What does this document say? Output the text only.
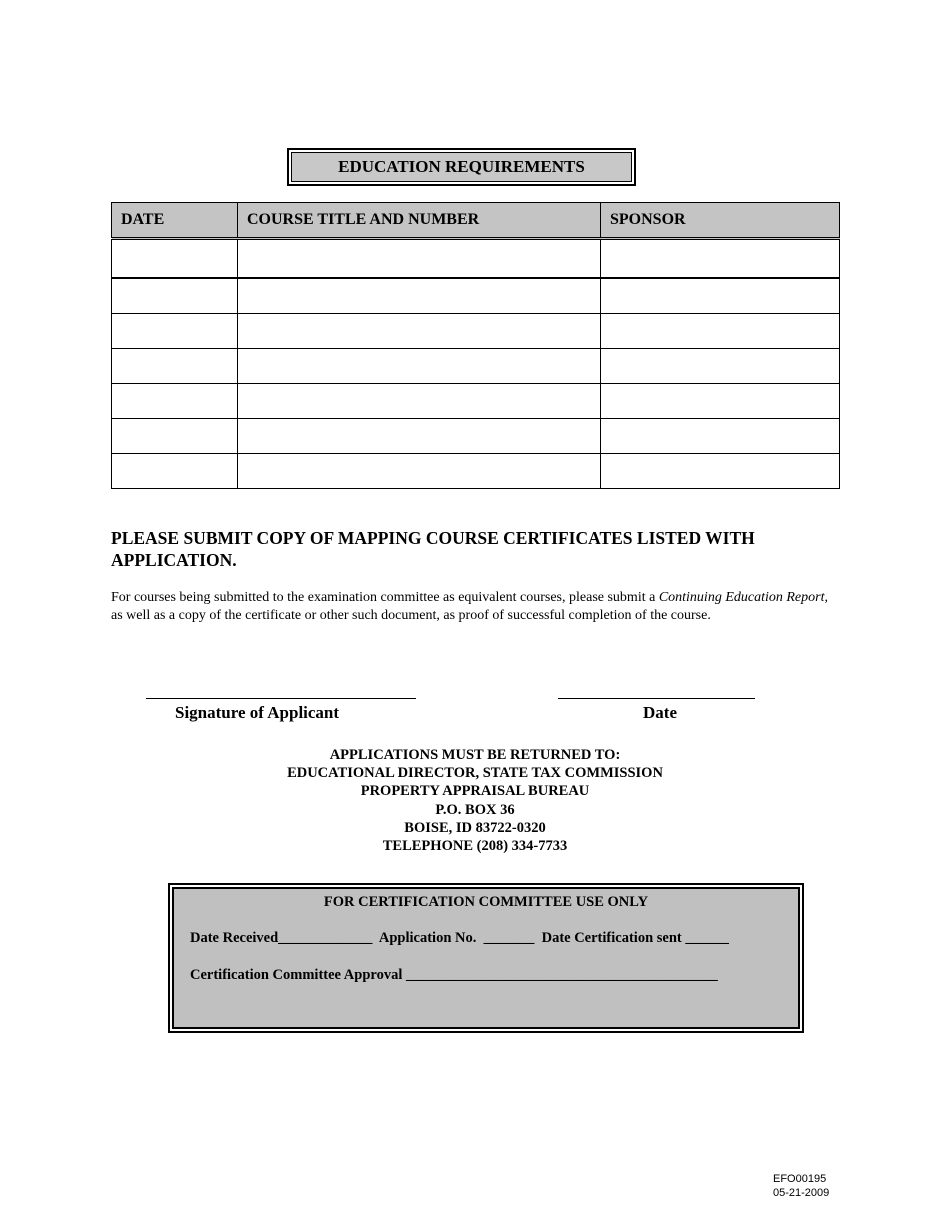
EDUCATION REQUIREMENTS
DATE	COURSE TITLE AND NUMBER	SPONSOR

PLEASE SUBMIT COPY OF MAPPING COURSE CERTIFICATES LISTED WITH APPLICATION.
For courses being submitted to the examination committee as equivalent courses, please submit a Continuing Education Report, as well as a copy of the certificate or other such document, as proof of successful completion of the course.
Signature of Applicant	Date
APPLICATIONS MUST BE RETURNED TO:
EDUCATIONAL DIRECTOR, STATE TAX COMMISSION
PROPERTY APPRAISAL BUREAU
P.O. BOX 36
BOISE, ID 83722-0320
TELEPHONE (208) 334-7733
FOR CERTIFICATION COMMITTEE USE ONLY
Date Received_____________  Application No.  _______  Date Certification sent ______
Certification Committee Approval ___________________________________________
EFO00195
05-21-2009
